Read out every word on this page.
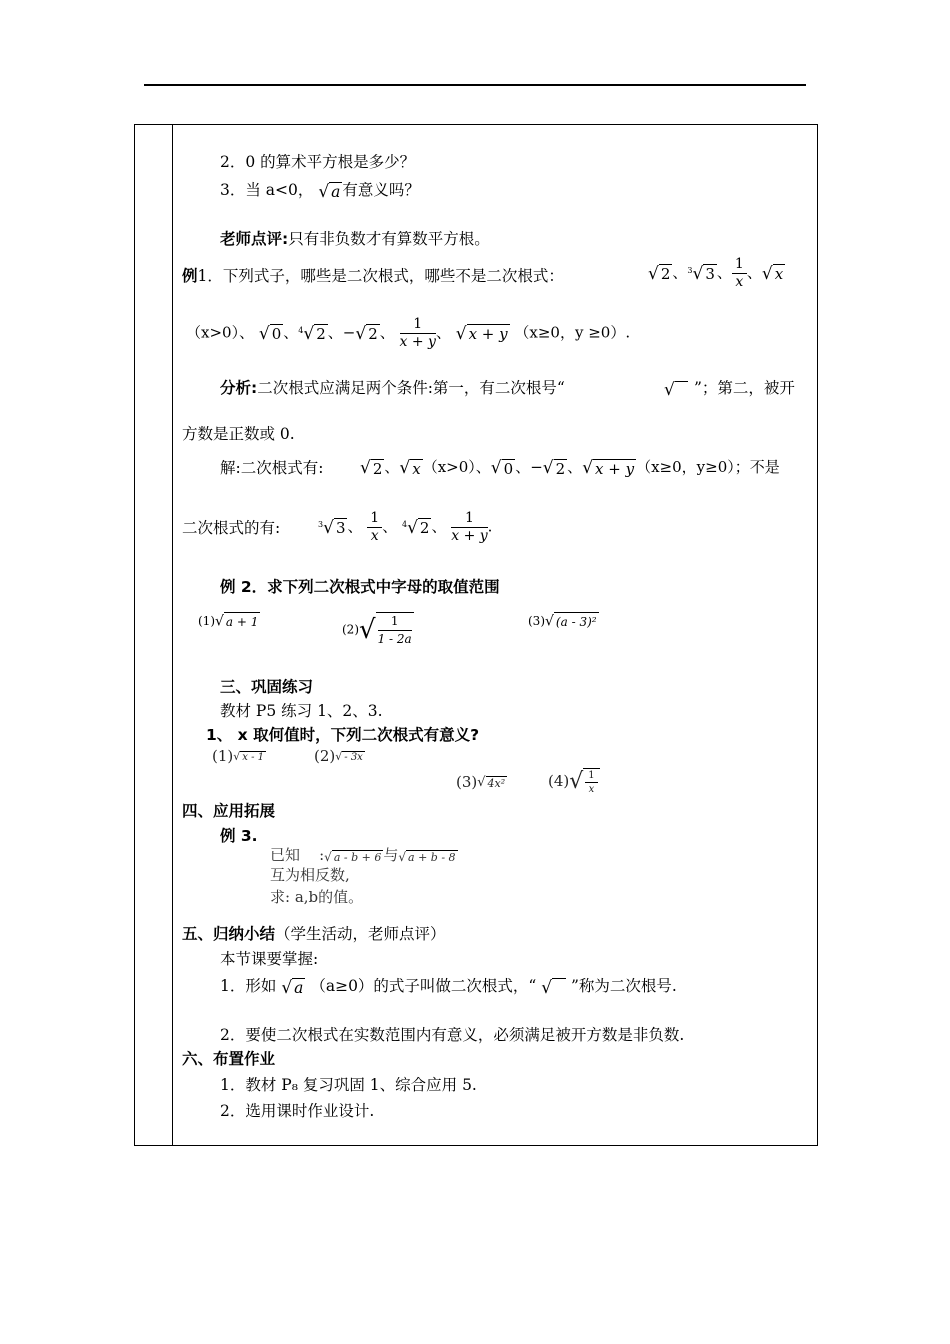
2．0 的算术平方根是多少？
3．当 a<0， √ a 有意义吗？
老师点评:只有非负数才有算数平方根。
例1．下列式子，哪些是二次根式，哪些不是二次根式：	√ 2 、$^3$√ 3 、 $\frac{1}{x}$ 、√ x
（x>0）、 √ 0 、$^4$√ 2 、−√ 2 、 $\frac{1}{x + y}$ 、 √ x + y （x≥0，y ≥0）.
分析:二次根式应满足两个条件:第一，有二次根号“	√	”；第二，被开
方数是正数或 0.
解:二次根式有: √ 2 、√ x （x>0）、√ 0 、−√ 2 、√ x + y （x≥0，y≥0）；不是
二次根式的有:	$^3$√ 3 、 $\frac{1}{x}$ 、 $^4$√ 2 、 $\frac{1}{x + y}$ .
例 2．求下列二次根式中字母的取值范围
(1)√ a + 1
$(2)√ \frac{1}{1 - 2a}$	(3)√ (a - 3)²
三、巩固练习
教材 P5 练习 1、2、3.
1、 x 取何值时，下列二次根式有意义?
(1)√ x - 1	(2)√ - 3x
(3)√ 4x²	$(4)√ \frac{1}{x}$
四、应用拓展
例 3.
已知    :√ a - b + 6 与√ a + b - 8
互为相反数,
求: a,b的值。
五、归纳小结（学生活动，老师点评）
本节课要掌握:
1．形如 √ a （a≥0）的式子叫做二次根式，“ √ ”称为二次根号.
2．要使二次根式在实数范围内有意义，必须满足被开方数是非负数.
六、布置作业
1．教材 P₈ 复习巩固 1、综合应用 5.
2．选用课时作业设计.
